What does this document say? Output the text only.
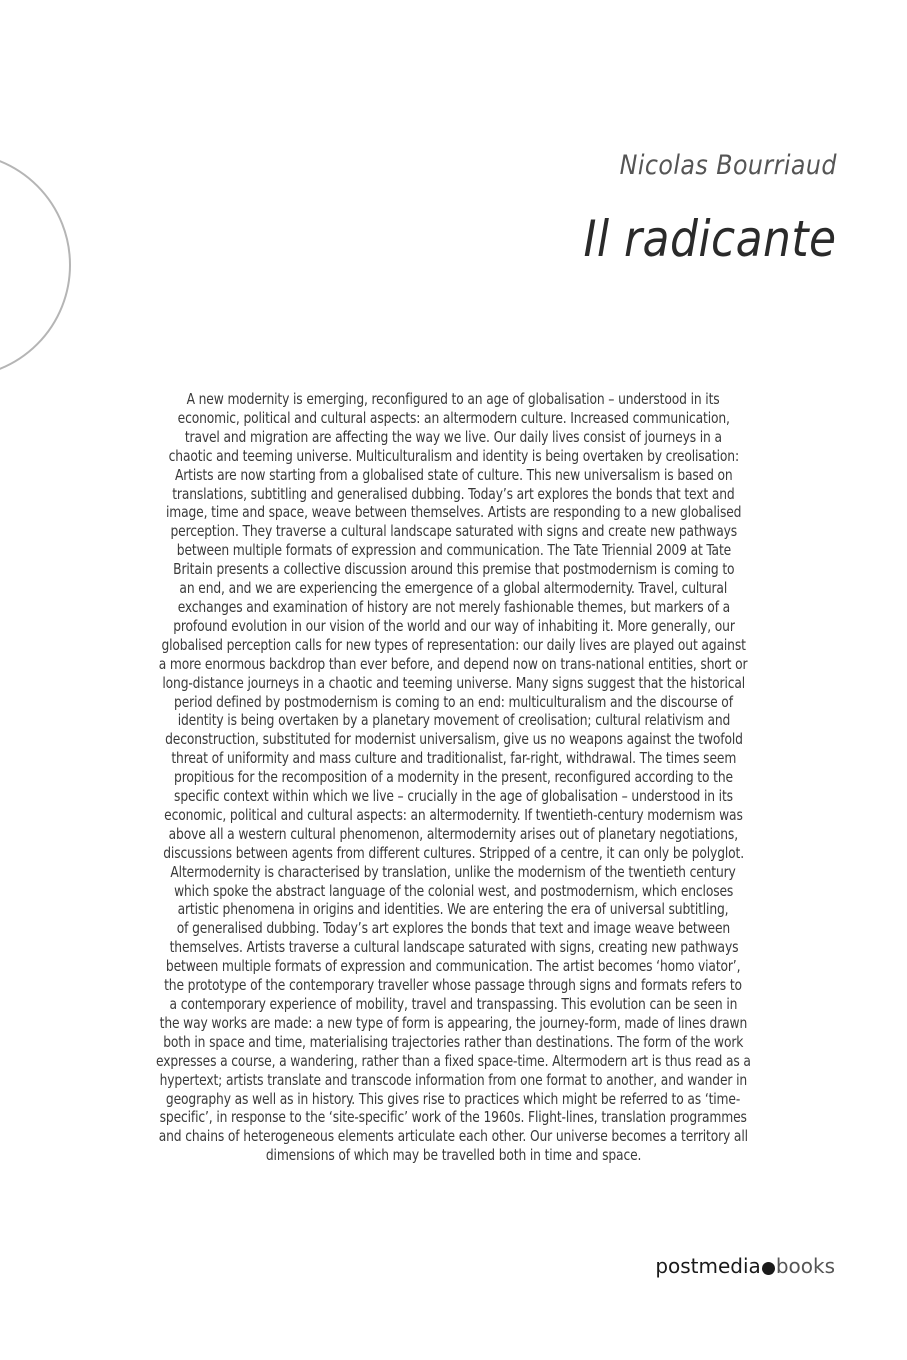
Nicolas Bourriaud
Il radicante
A new modernity is emerging, reconfigured to an age of globalisation – understood in its
economic, political and cultural aspects: an altermodern culture. Increased communication,
travel and migration are affecting the way we live. Our daily lives consist of journeys in a
chaotic and teeming universe. Multiculturalism and identity is being overtaken by creolisation:
Artists are now starting from a globalised state of culture. This new universalism is based on
translations, subtitling and generalised dubbing. Today’s art explores the bonds that text and
image, time and space, weave between themselves. Artists are responding to a new globalised
perception. They traverse a cultural landscape saturated with signs and create new pathways
between multiple formats of expression and communication. The Tate Triennial 2009 at Tate
Britain presents a collective discussion around this premise that postmodernism is coming to
an end, and we are experiencing the emergence of a global altermodernity. Travel, cultural
exchanges and examination of history are not merely fashionable themes, but markers of a
profound evolution in our vision of the world and our way of inhabiting it. More generally, our
globalised perception calls for new types of representation: our daily lives are played out against
a more enormous backdrop than ever before, and depend now on trans-national entities, short or
long-distance journeys in a chaotic and teeming universe. Many signs suggest that the historical
period defined by postmodernism is coming to an end: multiculturalism and the discourse of
identity is being overtaken by a planetary movement of creolisation; cultural relativism and
deconstruction, substituted for modernist universalism, give us no weapons against the twofold
threat of uniformity and mass culture and traditionalist, far-right, withdrawal. The times seem
propitious for the recomposition of a modernity in the present, reconfigured according to the
specific context within which we live – crucially in the age of globalisation – understood in its
economic, political and cultural aspects: an altermodernity. If twentieth-century modernism was
above all a western cultural phenomenon, altermodernity arises out of planetary negotiations,
discussions between agents from different cultures. Stripped of a centre, it can only be polyglot.
Altermodernity is characterised by translation, unlike the modernism of the twentieth century
which spoke the abstract language of the colonial west, and postmodernism, which encloses
artistic phenomena in origins and identities. We are entering the era of universal subtitling,
of generalised dubbing. Today’s art explores the bonds that text and image weave between
themselves. Artists traverse a cultural landscape saturated with signs, creating new pathways
between multiple formats of expression and communication. The artist becomes ‘homo viator’,
the prototype of the contemporary traveller whose passage through signs and formats refers to
a contemporary experience of mobility, travel and transpassing. This evolution can be seen in
the way works are made: a new type of form is appearing, the journey-form, made of lines drawn
both in space and time, materialising trajectories rather than destinations. The form of the work
expresses a course, a wandering, rather than a fixed space-time. Altermodern art is thus read as a
hypertext; artists translate and transcode information from one format to another, and wander in
geography as well as in history. This gives rise to practices which might be referred to as ‘time-
specific’, in response to the ‘site-specific’ work of the 1960s. Flight-lines, translation programmes
and chains of heterogeneous elements articulate each other. Our universe becomes a territory all
dimensions of which may be travelled both in time and space.
postmedia books
